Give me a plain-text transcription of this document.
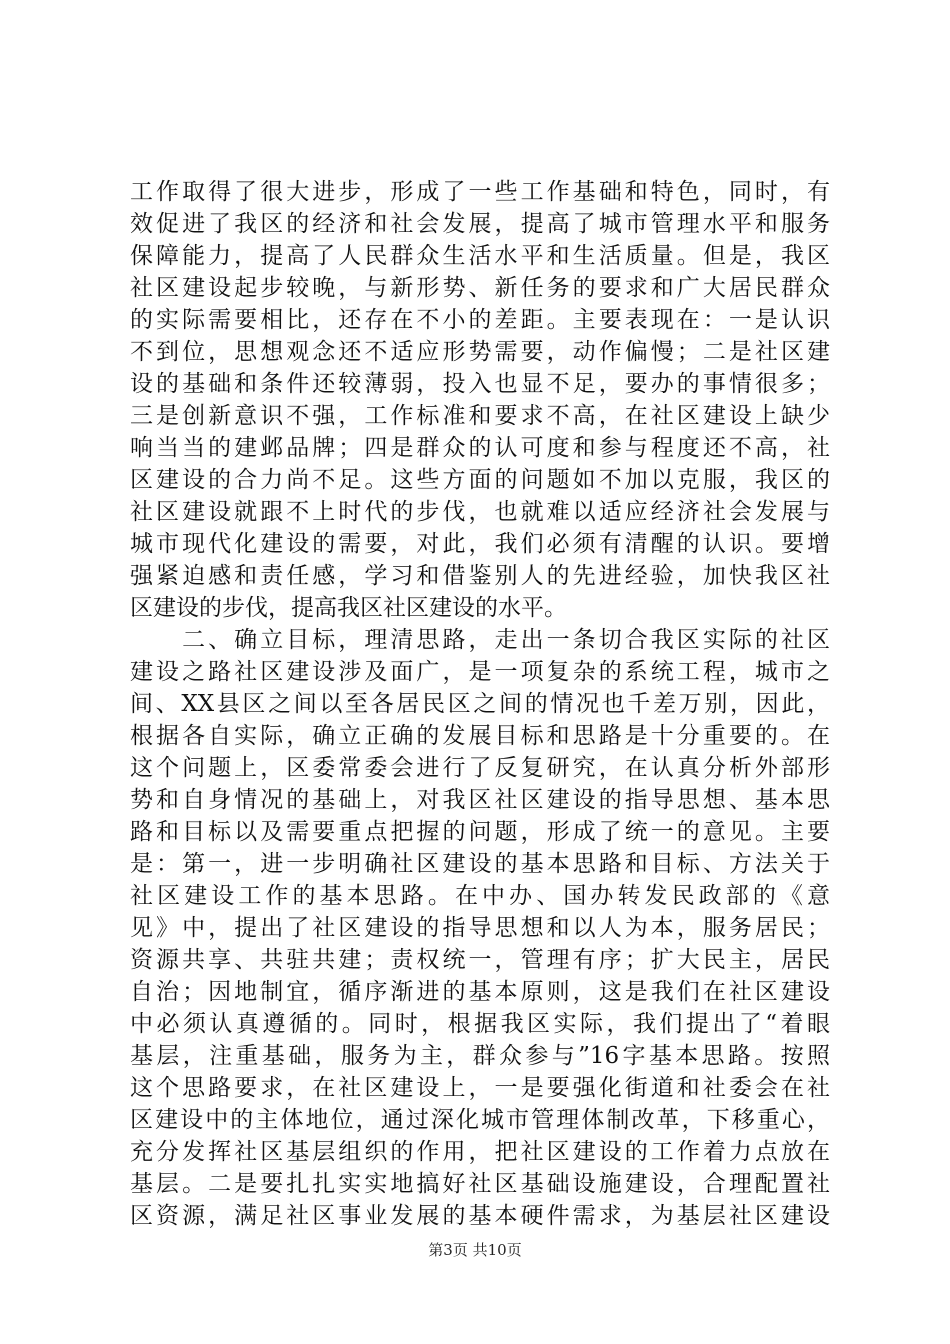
工作取得了很大进步，形成了一些工作基础和特色，同时，有
效促进了我区的经济和社会发展，提高了城市管理水平和服务
保障能力，提高了人民群众生活水平和生活质量。但是，我区
社区建设起步较晚，与新形势、新任务的要求和广大居民群众
的实际需要相比，还存在不小的差距。主要表现在：一是认识
不到位，思想观念还不适应形势需要，动作偏慢；二是社区建
设的基础和条件还较薄弱，投入也显不足，要办的事情很多；
三是创新意识不强，工作标准和要求不高，在社区建设上缺少
响当当的建邺品牌；四是群众的认可度和参与程度还不高，社
区建设的合力尚不足。这些方面的问题如不加以克服，我区的
社区建设就跟不上时代的步伐，也就难以适应经济社会发展与
城市现代化建设的需要，对此，我们必须有清醒的认识。要增
强紧迫感和责任感，学习和借鉴别人的先进经验，加快我区社
区建设的步伐，提高我区社区建设的水平。
　　二、确立目标，理清思路，走出一条切合我区实际的社区
建设之路社区建设涉及面广，是一项复杂的系统工程，城市之
间、XX县区之间以至各居民区之间的情况也千差万别，因此，
根据各自实际，确立正确的发展目标和思路是十分重要的。在
这个问题上，区委常委会进行了反复研究，在认真分析外部形
势和自身情况的基础上，对我区社区建设的指导思想、基本思
路和目标以及需要重点把握的问题，形成了统一的意见。主要
是：第一，进一步明确社区建设的基本思路和目标、方法关于
社区建设工作的基本思路。在中办、国办转发民政部的《意
见》中，提出了社区建设的指导思想和以人为本，服务居民；
资源共享、共驻共建；责权统一，管理有序；扩大民主，居民
自治；因地制宜，循序渐进的基本原则，这是我们在社区建设
中必须认真遵循的。同时，根据我区实际，我们提出了“着眼
基层，注重基础，服务为主，群众参与”16字基本思路。按照
这个思路要求，在社区建设上，一是要强化街道和社委会在社
区建设中的主体地位，通过深化城市管理体制改革，下移重心，
充分发挥社区基层组织的作用，把社区建设的工作着力点放在
基层。二是要扎扎实实地搞好社区基础设施建设，合理配置社
区资源，满足社区事业发展的基本硬件需求，为基层社区建设
第3页 共10页
